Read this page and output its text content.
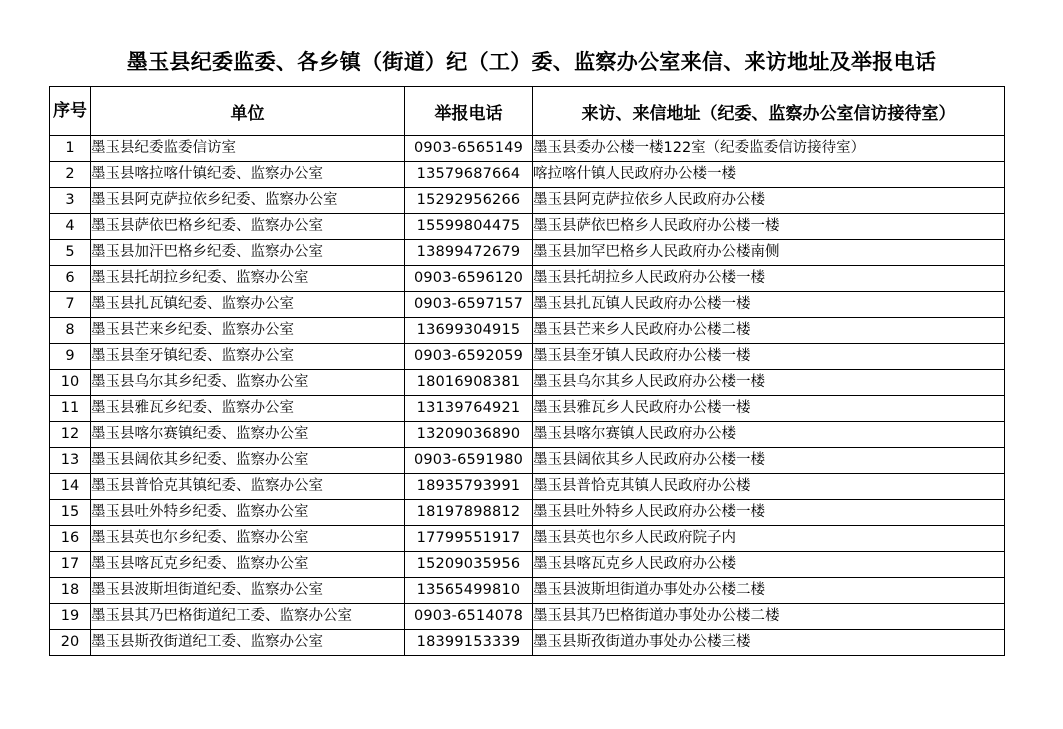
墨玉县纪委监委、各乡镇（街道）纪（工）委、监察办公室来信、来访地址及举报电话
序号	单位	举报电话	来访、来信地址（纪委、监察办公室信访接待室）
1	墨玉县纪委监委信访室	0903-6565149	墨玉县委办公楼一楼122室（纪委监委信访接待室）
2	墨玉县喀拉喀什镇纪委、监察办公室	13579687664	喀拉喀什镇人民政府办公楼一楼
3	墨玉县阿克萨拉依乡纪委、监察办公室	15292956266	墨玉县阿克萨拉依乡人民政府办公楼
4	墨玉县萨依巴格乡纪委、监察办公室	15599804475	墨玉县萨依巴格乡人民政府办公楼一楼
5	墨玉县加汗巴格乡纪委、监察办公室	13899472679	墨玉县加罕巴格乡人民政府办公楼南侧
6	墨玉县托胡拉乡纪委、监察办公室	0903-6596120	墨玉县托胡拉乡人民政府办公楼一楼
7	墨玉县扎瓦镇纪委、监察办公室	0903-6597157	墨玉县扎瓦镇人民政府办公楼一楼
8	墨玉县芒来乡纪委、监察办公室	13699304915	墨玉县芒来乡人民政府办公楼二楼
9	墨玉县奎牙镇纪委、监察办公室	0903-6592059	墨玉县奎牙镇人民政府办公楼一楼
10	墨玉县乌尔其乡纪委、监察办公室	18016908381	墨玉县乌尔其乡人民政府办公楼一楼
11	墨玉县雅瓦乡纪委、监察办公室	13139764921	墨玉县雅瓦乡人民政府办公楼一楼
12	墨玉县喀尔赛镇纪委、监察办公室	13209036890	墨玉县喀尔赛镇人民政府办公楼
13	墨玉县阔依其乡纪委、监察办公室	0903-6591980	墨玉县阔依其乡人民政府办公楼一楼
14	墨玉县普恰克其镇纪委、监察办公室	18935793991	墨玉县普恰克其镇人民政府办公楼
15	墨玉县吐外特乡纪委、监察办公室	18197898812	墨玉县吐外特乡人民政府办公楼一楼
16	墨玉县英也尔乡纪委、监察办公室	17799551917	墨玉县英也尔乡人民政府院子内
17	墨玉县喀瓦克乡纪委、监察办公室	15209035956	墨玉县喀瓦克乡人民政府办公楼
18	墨玉县波斯坦街道纪委、监察办公室	13565499810	墨玉县波斯坦街道办事处办公楼二楼
19	墨玉县其乃巴格街道纪工委、监察办公室	0903-6514078	墨玉县其乃巴格街道办事处办公楼二楼
20	墨玉县斯孜街道纪工委、监察办公室	18399153339	墨玉县斯孜街道办事处办公楼三楼
